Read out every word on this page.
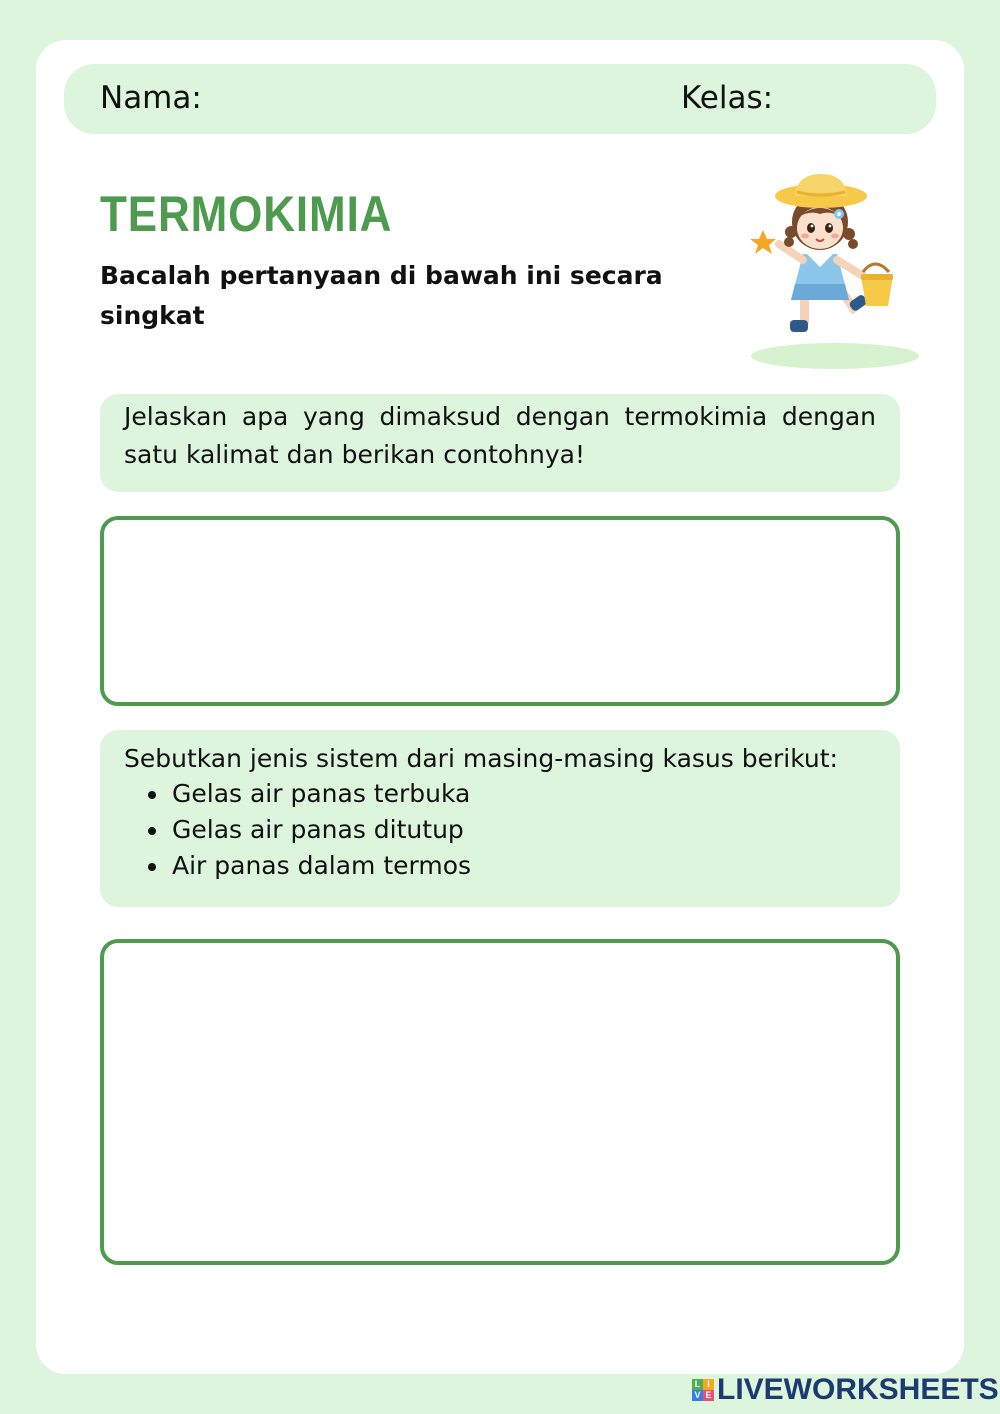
Nama:	Kelas:
TERMOKIMIA
Bacalah pertanyaan di bawah ini secara singkat
Jelaskan apa yang dimaksud dengan termokimia dengan satu kalimat dan berikan contohnya!
Sebutkan jenis sistem dari masing-masing kasus berikut:
• Gelas air panas terbuka
• Gelas air panas ditutup
• Air panas dalam termos
L I
V E LIVEWORKSHEETS
